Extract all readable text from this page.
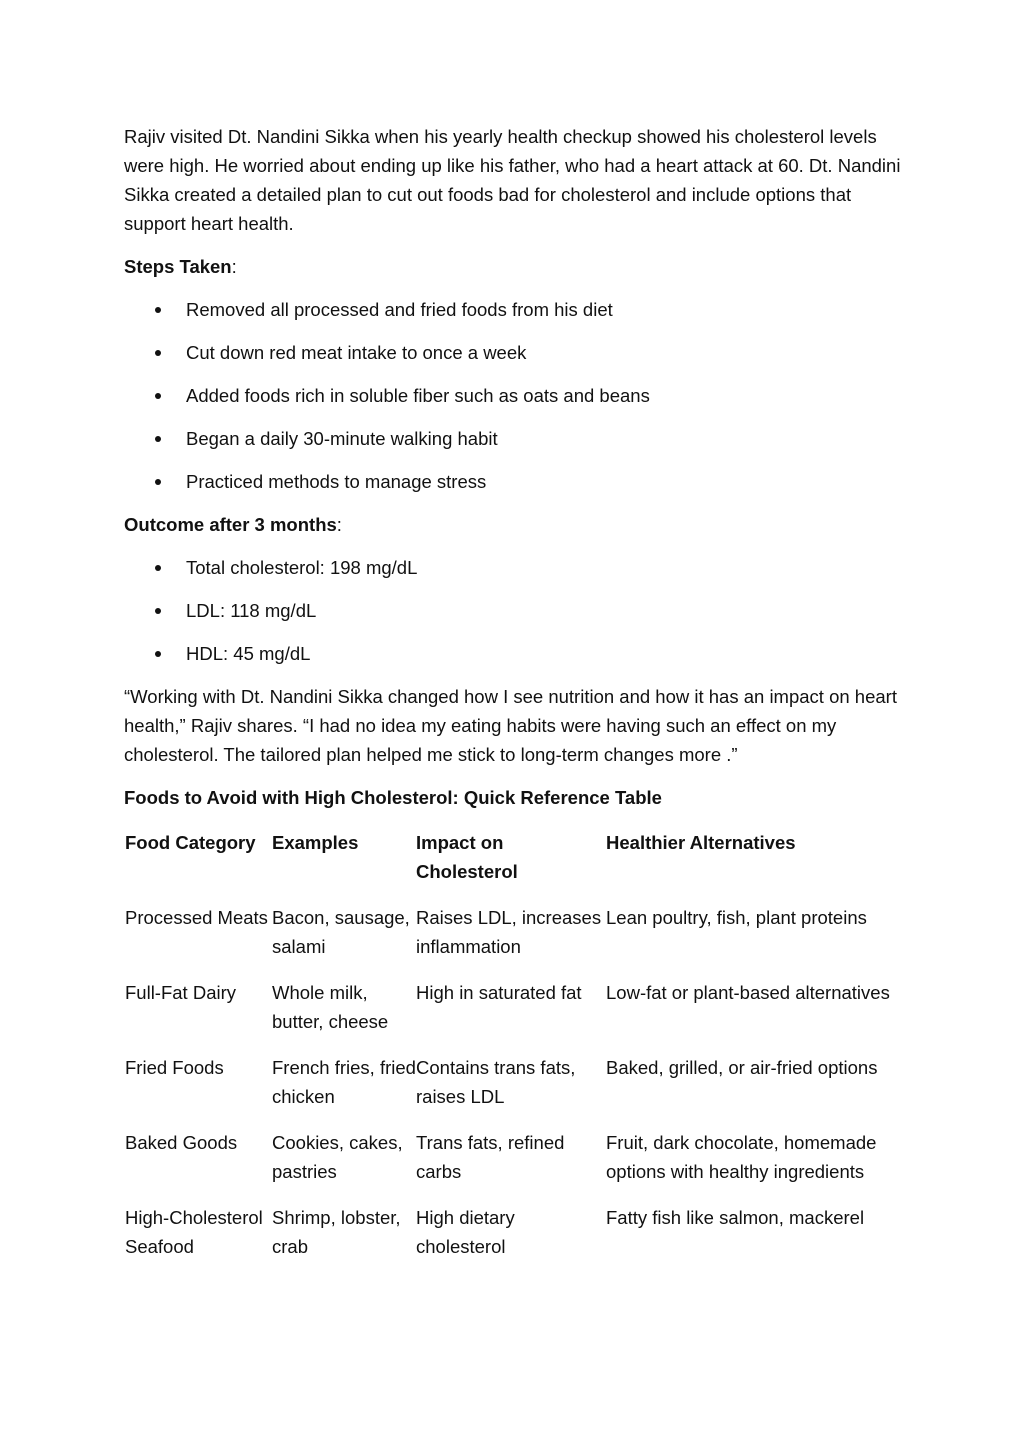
Rajiv visited Dt. Nandini Sikka when his yearly health checkup showed his cholesterol levels were high. He worried about ending up like his father, who had a heart attack at 60. Dt. Nandini Sikka created a detailed plan to cut out foods bad for cholesterol and include options that support heart health.

Steps Taken:

Removed all processed and fried foods from his diet
Cut down red meat intake to once a week
Added foods rich in soluble fiber such as oats and beans
Began a daily 30-minute walking habit
Practiced methods to manage stress

Outcome after 3 months:

Total cholesterol: 198 mg/dL
LDL: 118 mg/dL
HDL: 45 mg/dL

“Working with Dt. Nandini Sikka changed how I see nutrition and how it has an impact on heart health,” Rajiv shares. “I had no idea my eating habits were having such an effect on my cholesterol. The tailored plan helped me stick to long-term changes more .”

Foods to Avoid with High Cholesterol: Quick Reference Table

Food Category	Examples	Impact on Cholesterol	Healthier Alternatives
Processed Meats	Bacon, sausage, salami	Raises LDL, increases inflammation	Lean poultry, fish, plant proteins
Full-Fat Dairy	Whole milk, butter, cheese	High in saturated fat	Low-fat or plant-based alternatives
Fried Foods	French fries, fried chicken	Contains trans fats, raises LDL	Baked, grilled, or air-fried options
Baked Goods	Cookies, cakes, pastries	Trans fats, refined carbs	Fruit, dark chocolate, homemade options with healthy ingredients
High-Cholesterol Seafood	Shrimp, lobster, crab	High dietary cholesterol	Fatty fish like salmon, mackerel
